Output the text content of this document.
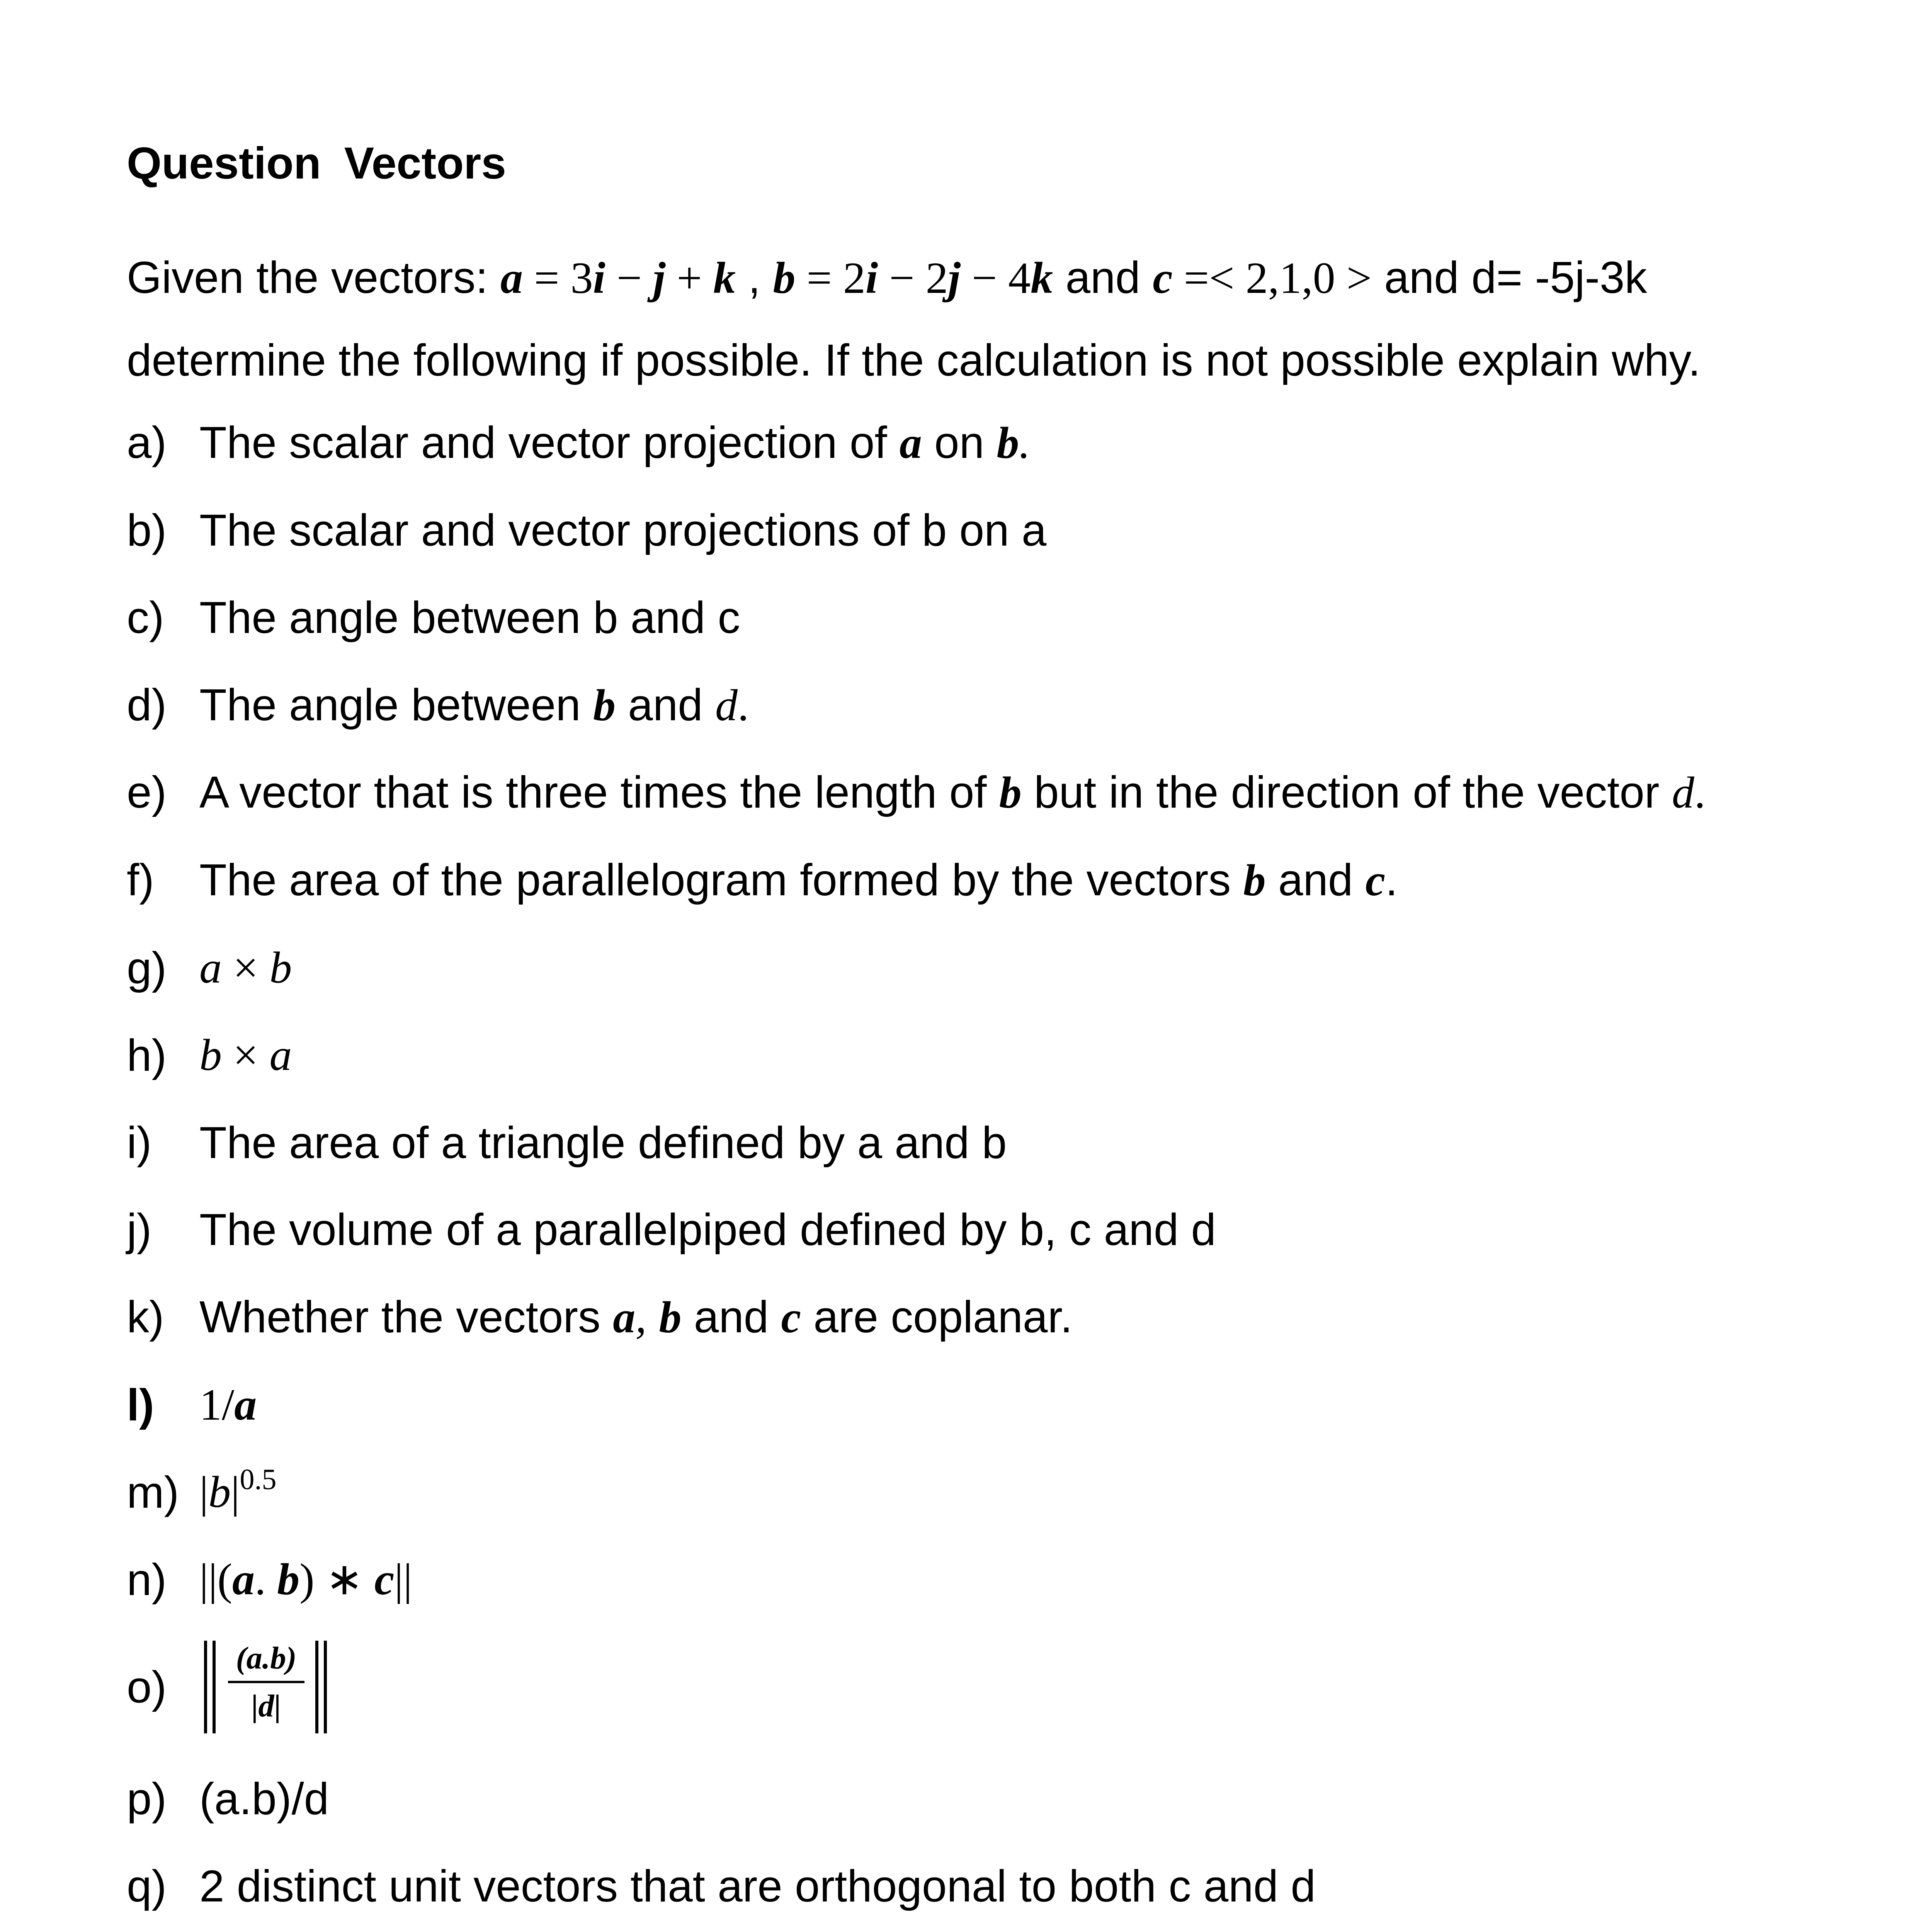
Question Vectors
Given the vectors: a = 3i − j + k , b = 2i − 2j − 4k and c =< 2,1,0 > and d= -5j-3k
determine the following if possible. If the calculation is not possible explain why.
a) The scalar and vector projection of a on b.
b) The scalar and vector projections of b on a
c) The angle between b and c
d) The angle between b and d.
e) A vector that is three times the length of b but in the direction of the vector d.
f) The area of the parallelogram formed by the vectors b and c.
g) a × b
h) b × a
i) The area of a triangle defined by a and b
j) The volume of a parallelpiped defined by b, c and d
k) Whether the vectors a, b and c are coplanar.
l) 1/a
m) $|b|^{0.5}$
n) ||(a. b) ∗ c||
o)
(a.b)
|d|
p) (a.b)/d
q) 2 distinct unit vectors that are orthogonal to both c and d
